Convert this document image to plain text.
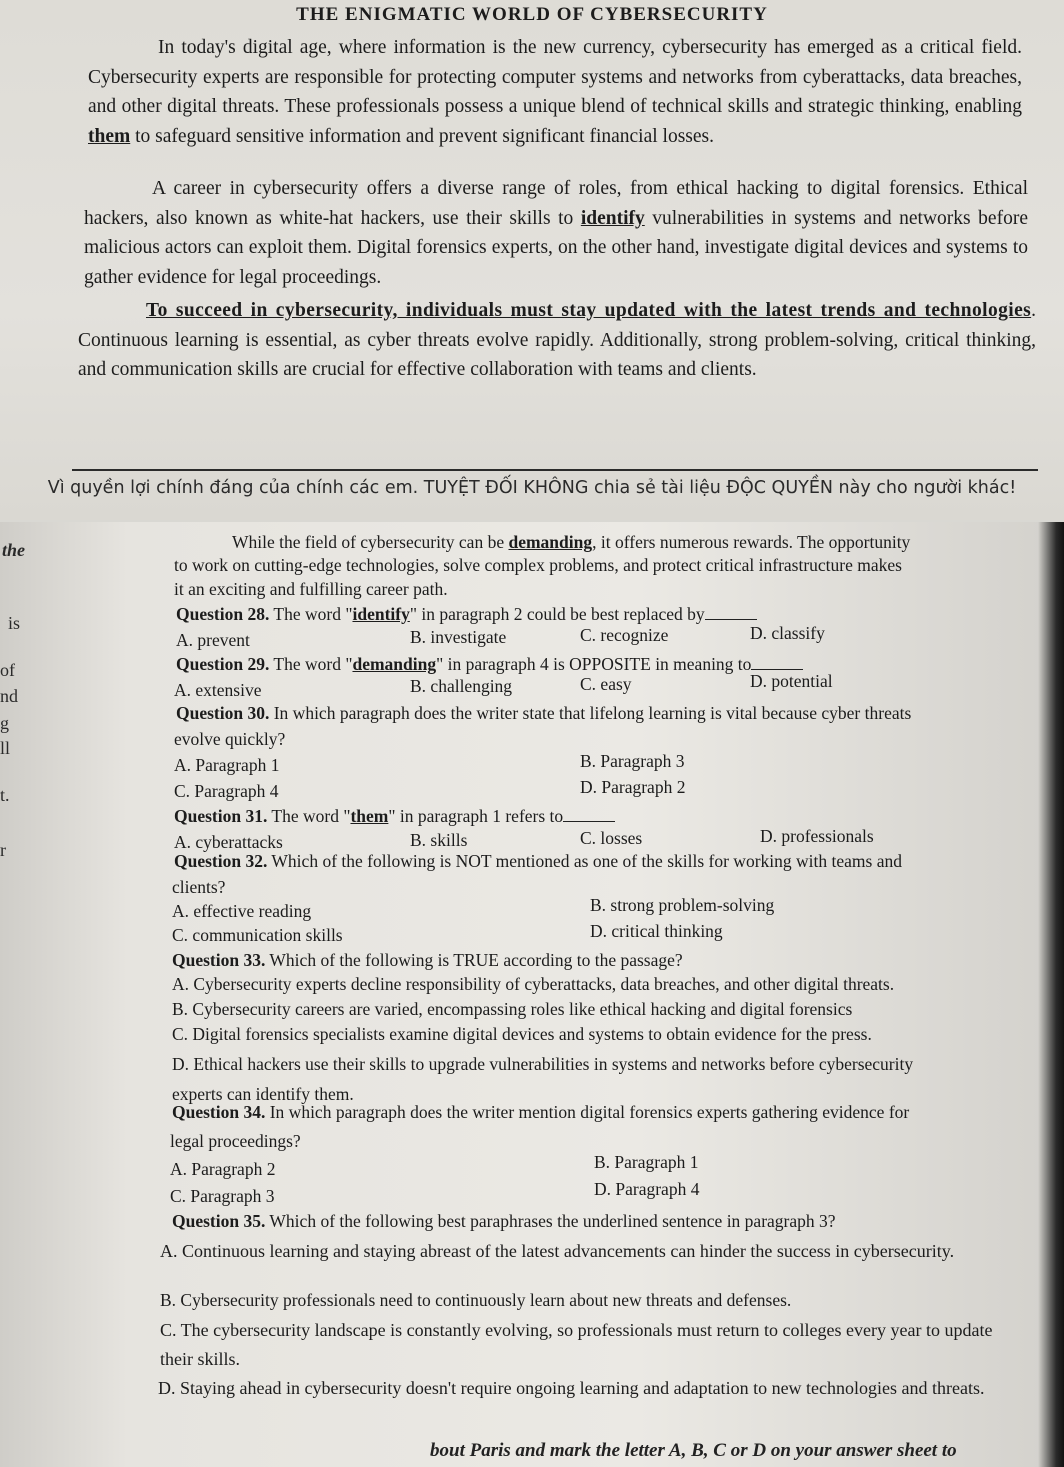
THE ENIGMATIC WORLD OF CYBERSECURITY
In today's digital age, where information is the new currency, cybersecurity has emerged as a critical field. Cybersecurity experts are responsible for protecting computer systems and networks from cyberattacks, data breaches, and other digital threats. These professionals possess a unique blend of technical skills and strategic thinking, enabling them to safeguard sensitive information and prevent significant financial losses.
A career in cybersecurity offers a diverse range of roles, from ethical hacking to digital forensics. Ethical hackers, also known as white-hat hackers, use their skills to identify vulnerabilities in systems and networks before malicious actors can exploit them. Digital forensics experts, on the other hand, investigate digital devices and systems to gather evidence for legal proceedings.
To succeed in cybersecurity, individuals must stay updated with the latest trends and technologies. Continuous learning is essential, as cyber threats evolve rapidly. Additionally, strong problem-solving, critical thinking, and communication skills are crucial for effective collaboration with teams and clients.
Vì quyền lợi chính đáng của chính các em. TUYỆT ĐỐI KHÔNG chia sẻ tài liệu ĐỘC QUYỀN này cho người khác!
the
is
of
nd
g
ll
t.
r
While the field of cybersecurity can be demanding, it offers numerous rewards. The opportunity
to work on cutting-edge technologies, solve complex problems, and protect critical infrastructure makes
it an exciting and fulfilling career path.
Question 28. The word "identify" in paragraph 2 could be best replaced by
A. prevent	B. investigate	C. recognize	D. classify
Question 29. The word "demanding" in paragraph 4 is OPPOSITE in meaning to
A. extensive	B. challenging	C. easy	D. potential
Question 30. In which paragraph does the writer state that lifelong learning is vital because cyber threats
evolve quickly?
A. Paragraph 1	B. Paragraph 3
C. Paragraph 4	D. Paragraph 2
Question 31. The word "them" in paragraph 1 refers to
A. cyberattacks	B. skills	C. losses	D. professionals
Question 32. Which of the following is NOT mentioned as one of the skills for working with teams and
clients?
A. effective reading	B. strong problem-solving
C. communication skills	D. critical thinking
Question 33. Which of the following is TRUE according to the passage?
A. Cybersecurity experts decline responsibility of cyberattacks, data breaches, and other digital threats.
B. Cybersecurity careers are varied, encompassing roles like ethical hacking and digital forensics
C. Digital forensics specialists examine digital devices and systems to obtain evidence for the press.
D. Ethical hackers use their skills to upgrade vulnerabilities in systems and networks before cybersecurity experts can identify them.
Question 34. In which paragraph does the writer mention digital forensics experts gathering evidence for
legal proceedings?
A. Paragraph 2	B. Paragraph 1
C. Paragraph 3	D. Paragraph 4
Question 35. Which of the following best paraphrases the underlined sentence in paragraph 3?
A. Continuous learning and staying abreast of the latest advancements can hinder the success in cybersecurity.
B. Cybersecurity professionals need to continuously learn about new threats and defenses.
C. The cybersecurity landscape is constantly evolving, so professionals must return to colleges every year to update their skills.
D. Staying ahead in cybersecurity doesn't require ongoing learning and adaptation to new technologies and threats.
bout Paris and mark the letter A, B, C or D on your answer sheet to
